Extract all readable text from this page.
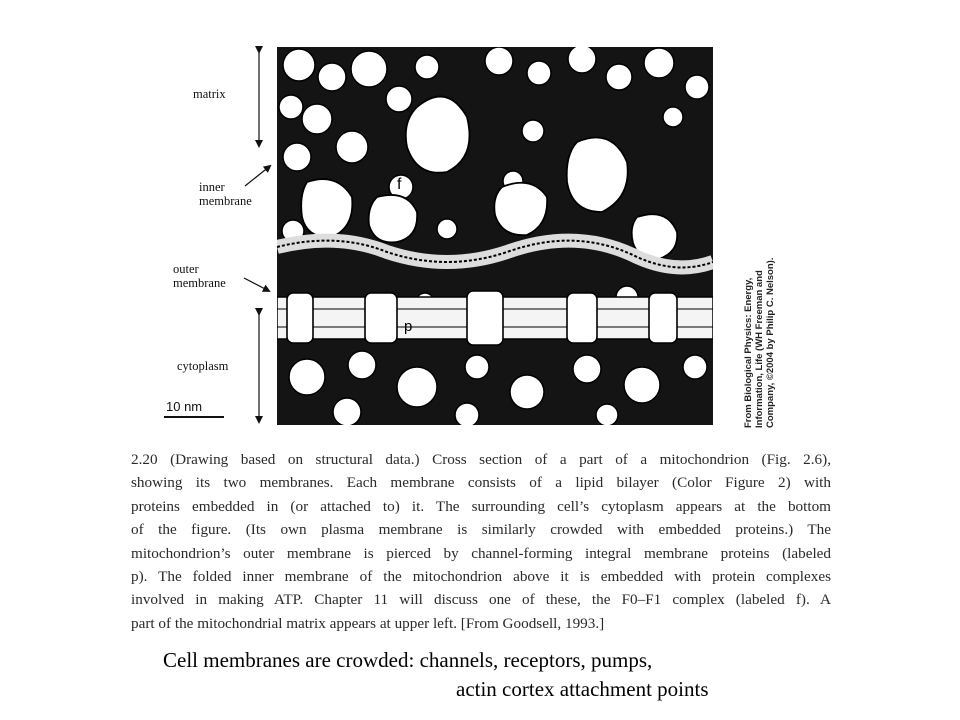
matrix
inner
membrane
outer
membrane
cytoplasm
10 nm
f
p	From Biological Physics: Energy, Information, Life (WH Freeman and Company, ©2004 by Philip C. Nelson).
2.20 (Drawing based on structural data.) Cross section of a part of a mitochondrion (Fig. 2.6),
showing its two membranes. Each membrane consists of a lipid bilayer (Color Figure 2) with
proteins embedded in (or attached to) it. The surrounding cell’s cytoplasm appears at the bottom
of the figure. (Its own plasma membrane is similarly crowded with embedded proteins.) The
mitochondrion’s outer membrane is pierced by channel-forming integral membrane proteins (labeled
p). The folded inner membrane of the mitochondrion above it is embedded with protein complexes
involved in making ATP. Chapter 11 will discuss one of these, the F0–F1 complex (labeled f). A
part of the mitochondrial matrix appears at upper left. [From Goodsell, 1993.]
Cell membranes are crowded: channels, receptors, pumps,
actin cortex attachment points
